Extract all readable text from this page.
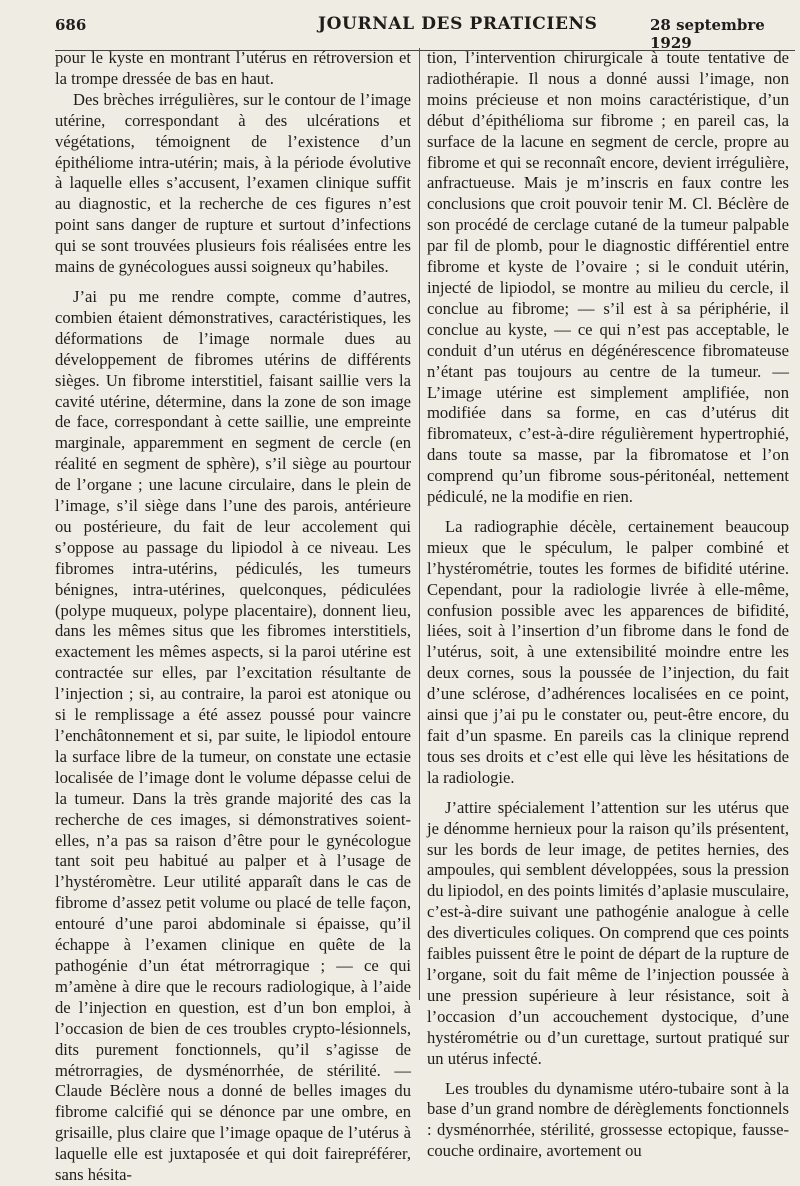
686	JOURNAL DES PRATICIENS	28 septembre 1929

pour le kyste en montrant l’utérus en rétroversion et la trompe dressée de bas en haut.

Des brèches irrégulières, sur le contour de l’image utérine, correspondant à des ulcérations et végétations, témoignent de l’existence d’un épithéliome intra-utérin; mais, à la période évolutive à laquelle elles s’accusent, l’examen clinique suffit au diagnostic, et la recherche de ces figures n’est point sans danger de rupture et surtout d’infections qui se sont trouvées plusieurs fois réalisées entre les mains de gynécologues aussi soigneux qu’habiles.

J’ai pu me rendre compte, comme d’autres, combien étaient démonstratives, caractéristiques, les déformations de l’image normale dues au développement de fibromes utérins de différents sièges. Un fibrome interstitiel, faisant saillie vers la cavité utérine, détermine, dans la zone de son image de face, correspondant à cette saillie, une empreinte marginale, apparemment en segment de cercle (en réalité en segment de sphère), s’il siège au pourtour de l’organe ; une lacune circulaire, dans le plein de l’image, s’il siège dans l’une des parois, antérieure ou postérieure, du fait de leur accolement qui s’oppose au passage du lipiodol à ce niveau. Les fibromes intra-utérins, pédiculés, les tumeurs bénignes, intra-utérines, quelconques, pédiculées (polype muqueux, polype placentaire), donnent lieu, dans les mêmes situs que les fibromes interstitiels, exactement les mêmes aspects, si la paroi utérine est contractée sur elles, par l’excitation résultante de l’injection ; si, au contraire, la paroi est atonique ou si le remplissage a été assez poussé pour vaincre l’enchâtonnement et si, par suite, le lipiodol entoure la surface libre de la tumeur, on constate une ectasie localisée de l’image dont le volume dépasse celui de la tumeur. Dans la très grande majorité des cas la recherche de ces images, si démonstratives soient-elles, n’a pas sa raison d’être pour le gynécologue tant soit peu habitué au palper et à l’usage de l’hystéromètre. Leur utilité apparaît dans le cas de fibrome d’assez petit volume ou placé de telle façon, entouré d’une paroi abdominale si épaisse, qu’il échappe à l’examen clinique en quête de la pathogénie d’un état métrorragique ; — ce qui m’amène à dire que le recours radiologique, à l’aide de l’injection en question, est d’un bon emploi, à l’occasion de bien de ces troubles crypto-lésionnels, dits purement fonctionnels, qu’il s’agisse de métrorragies, de dysménorrhée, de stérilité. — Claude Béclère nous a donné de belles images du fibrome calcifié qui se dénonce par une ombre, en grisaille, plus claire que l’image opaque de l’utérus à laquelle elle est juxtaposée et qui doit fairepréférer, sans hésita-

tion, l’intervention chirurgicale à toute tentative de radiothérapie. Il nous a donné aussi l’image, non moins précieuse et non moins caractéristique, d’un début d’épithélioma sur fibrome ; en pareil cas, la surface de la lacune en segment de cercle, propre au fibrome et qui se reconnaît encore, devient irrégulière, anfractueuse. Mais je m’inscris en faux contre les conclusions que croit pouvoir tenir M. Cl. Béclère de son procédé de cerclage cutané de la tumeur palpable par fil de plomb, pour le diagnostic différentiel entre fibrome et kyste de l’ovaire ; si le conduit utérin, injecté de lipiodol, se montre au milieu du cercle, il conclue au fibrome; — s’il est à sa périphérie, il conclue au kyste, — ce qui n’est pas acceptable, le conduit d’un utérus en dégénérescence fibromateuse n’étant pas toujours au centre de la tumeur. — L’image utérine est simplement amplifiée, non modifiée dans sa forme, en cas d’utérus dit fibromateux, c’est-à-dire régulièrement hypertrophié, dans toute sa masse, par la fibromatose et l’on comprend qu’un fibrome sous-péritonéal, nettement pédiculé, ne la modifie en rien.

La radiographie décèle, certainement beaucoup mieux que le spéculum, le palper combiné et l’hystérométrie, toutes les formes de bifidité utérine. Cependant, pour la radiologie livrée à elle-même, confusion possible avec les apparences de bifidité, liées, soit à l’insertion d’un fibrome dans le fond de l’utérus, soit, à une extensibilité moindre entre les deux cornes, sous la poussée de l’injection, du fait d’une sclérose, d’adhérences localisées en ce point, ainsi que j’ai pu le constater ou, peut-être encore, du fait d’un spasme. En pareils cas la clinique reprend tous ses droits et c’est elle qui lève les hésitations de la radiologie.

J’attire spécialement l’attention sur les utérus que je dénomme hernieux pour la raison qu’ils présentent, sur les bords de leur image, de petites hernies, des ampoules, qui semblent développées, sous la pression du lipiodol, en des points limités d’aplasie musculaire, c’est-à-dire suivant une pathogénie analogue à celle des diverticules coliques. On comprend que ces points faibles puissent être le point de départ de la rupture de l’organe, soit du fait même de l’injection poussée à une pression supérieure à leur résistance, soit à l’occasion d’un accouchement dystocique, d’une hystérométrie ou d’un curettage, surtout pratiqué sur un utérus infecté.

Les troubles du dynamisme utéro-tubaire sont à la base d’un grand nombre de dérèglements fonctionnels : dysménorrhée, stérilité, grossesse ectopique, fausse-couche ordinaire, avortement ou
